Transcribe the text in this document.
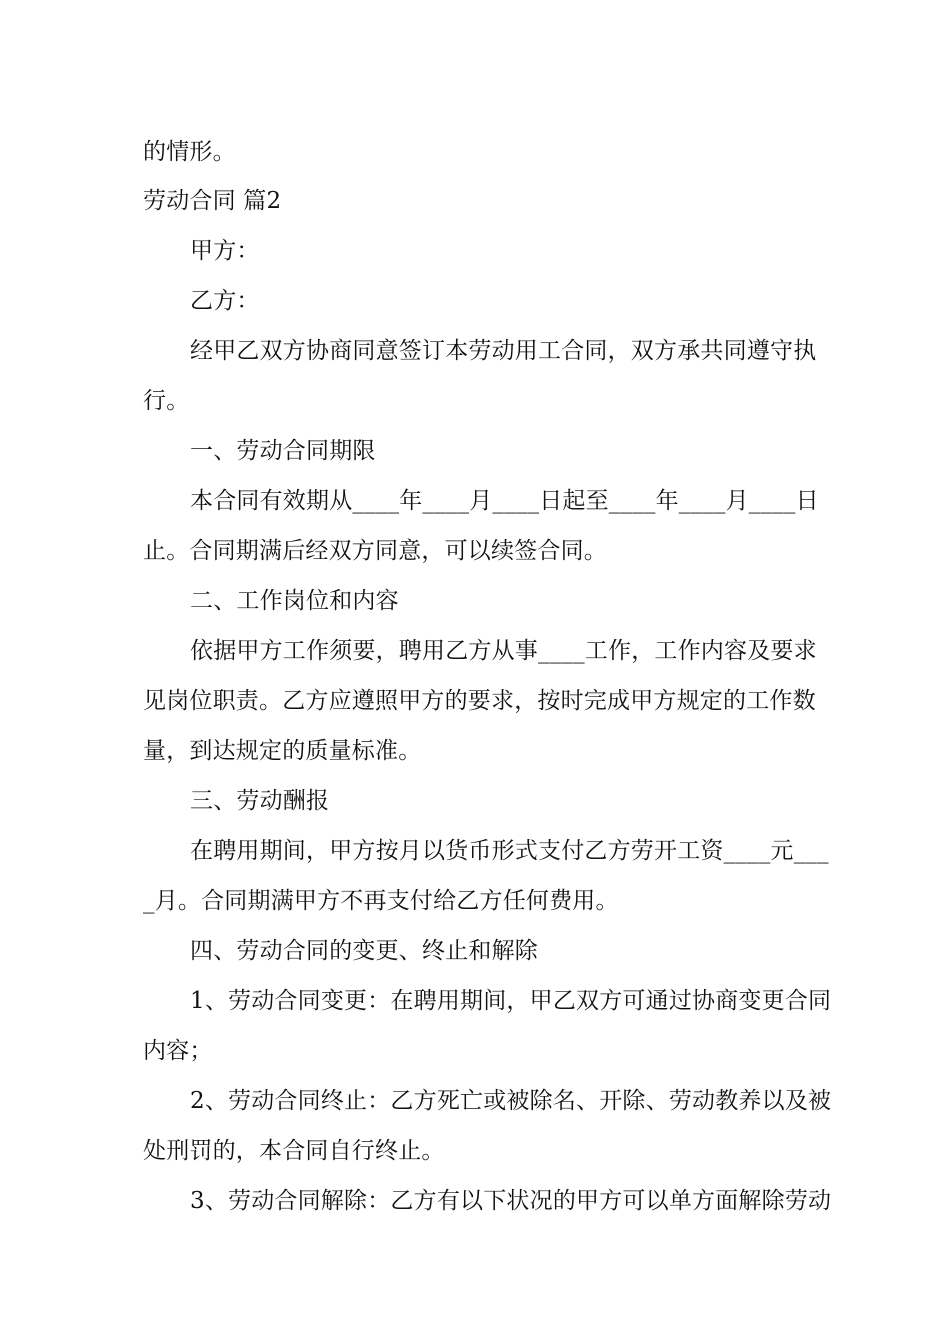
的情形。
劳动合同 篇2
甲方：
乙方：
经甲乙双方协商同意签订本劳动用工合同，双方承共同遵守执
行。
一、劳动合同期限
本合同有效期从____年____月____日起至____年____月____日
止。合同期满后经双方同意，可以续签合同。
二、工作岗位和内容
依据甲方工作须要，聘用乙方从事____工作，工作内容及要求
见岗位职责。乙方应遵照甲方的要求，按时完成甲方规定的工作数
量，到达规定的质量标准。
三、劳动酬报
在聘用期间，甲方按月以货币形式支付乙方劳开工资____元___
_月。合同期满甲方不再支付给乙方任何费用。
四、劳动合同的变更、终止和解除
1、劳动合同变更：在聘用期间，甲乙双方可通过协商变更合同
内容；
2、劳动合同终止：乙方死亡或被除名、开除、劳动教养以及被
处刑罚的，本合同自行终止。
3、劳动合同解除：乙方有以下状况的甲方可以单方面解除劳动
